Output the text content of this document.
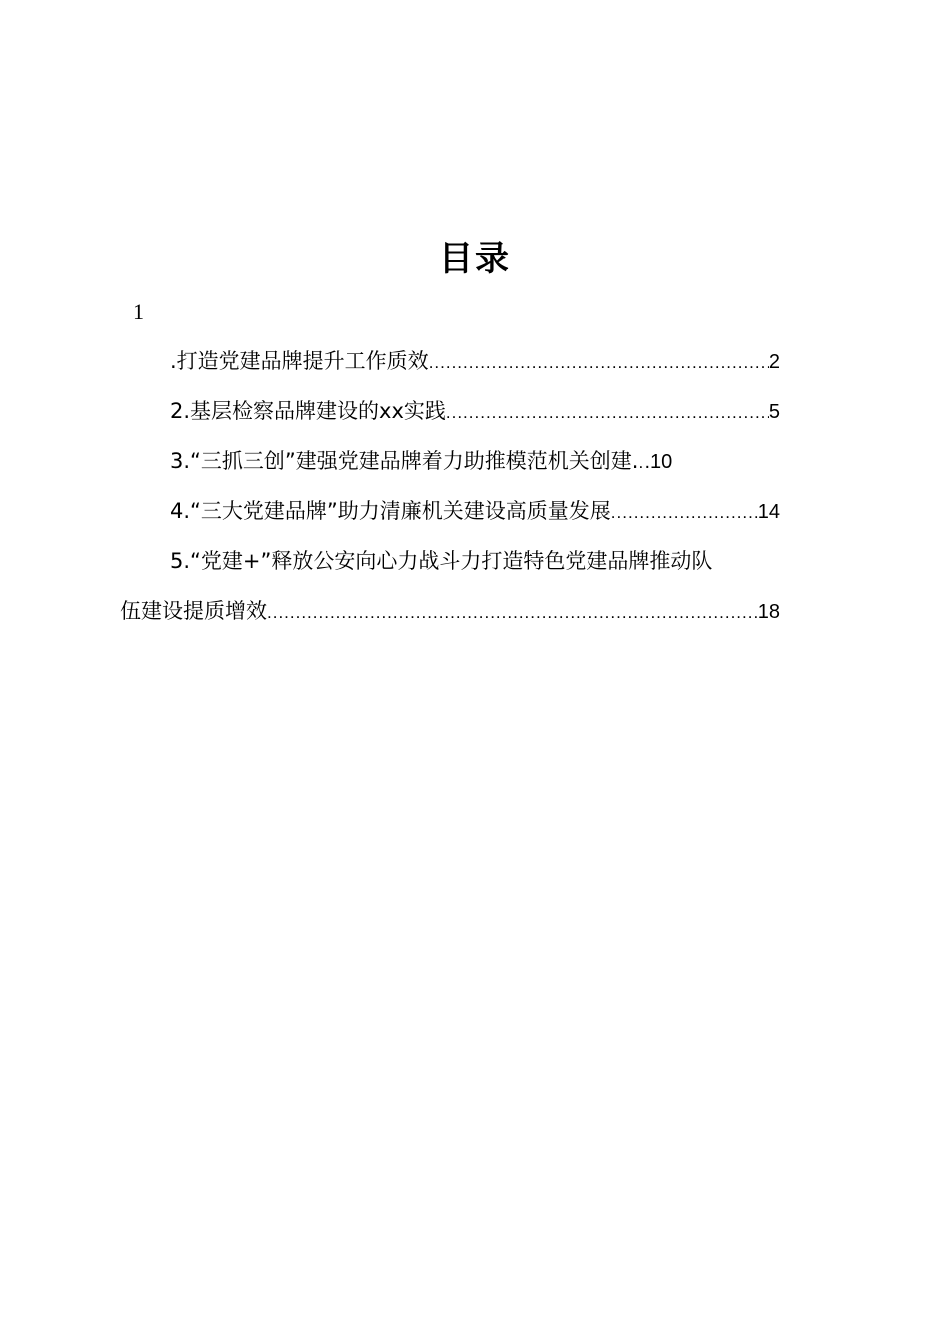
目录
1
.打造党建品牌提升工作质效 .....	2
2.基层检察品牌建设的xx实践 .....	5
3.“三抓三创”建强党建品牌着力助推模范机关创建. ..... .10
4.“三大党建品牌”助力清廉机关建设高质量发展 .....	14
5.“党建+”释放公安向心力战斗力打造特色党建品牌推动队
伍建设提质增效 .....	18
